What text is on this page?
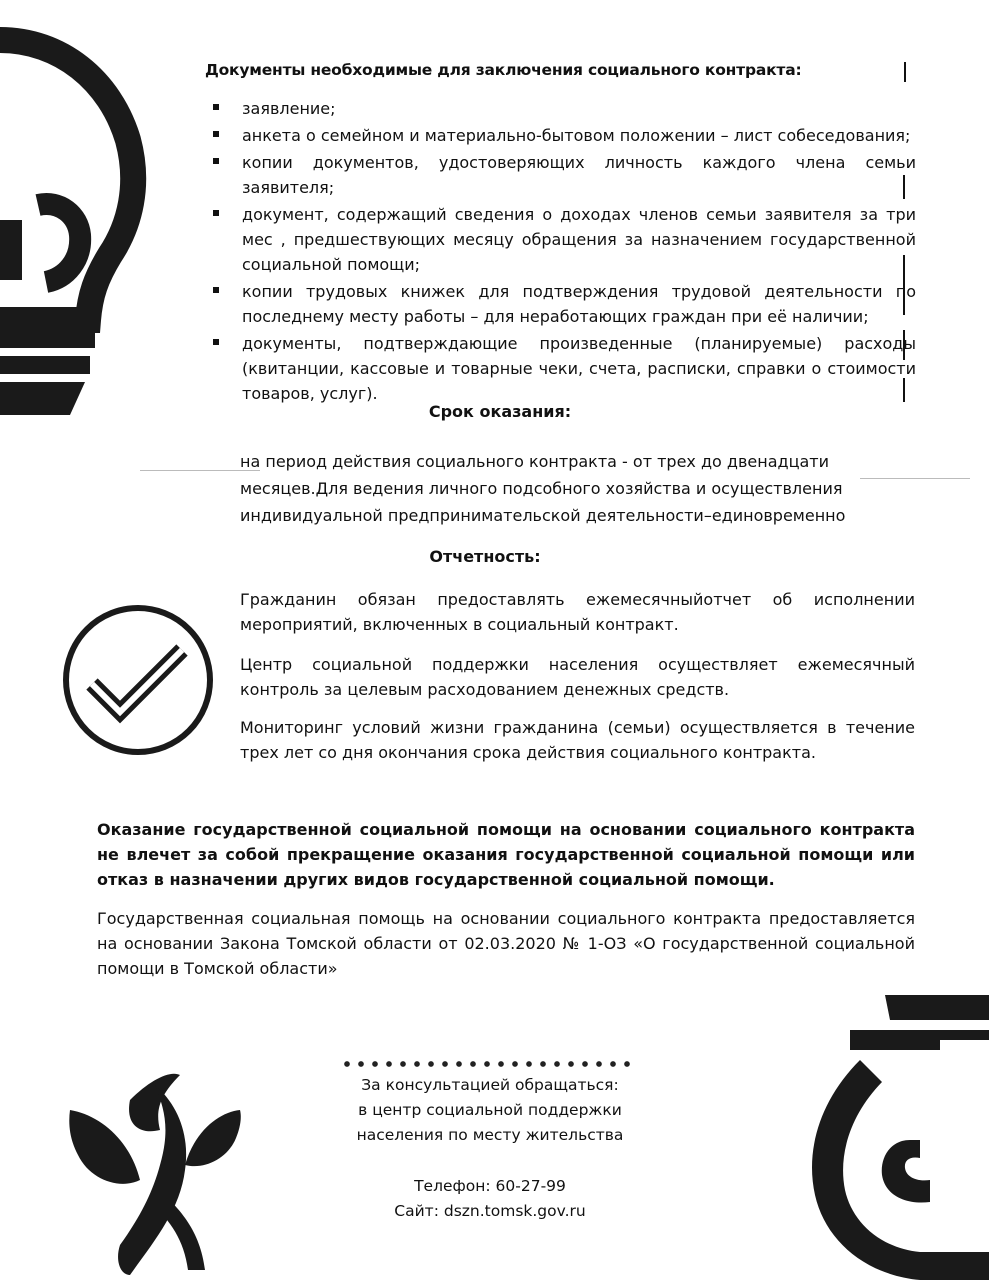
Документы необходимые для заключения социального контракта:
заявление;
анкета о семейном и материально-бытовом положении – лист собеседования;
копии документов, удостоверяющих личность каждого члена семьи заявителя;
документ, содержащий сведения о доходах членов семьи заявителя за три мес , предшествующих месяцу обращения за назначением государственной социальной помощи;
копии трудовых книжек для подтверждения трудовой деятельности по последнему месту работы – для неработающих граждан при её наличии;
документы, подтверждающие произведенные (планируемые) расходы (квитанции, кассовые и товарные чеки, счета, расписки, справки о стоимости товаров, услуг).
Срок оказания:

на период действия социального контракта - от трех до двенадцати месяцев.Для ведения личного подсобного хозяйства и осуществления индивидуальной предпринимательской деятельности–единовременно

Отчетность:

Гражданин обязан предоставлять ежемесячныйотчет об исполнении мероприятий, включенных в социальный контракт.

Центр социальной поддержки населения осуществляет ежемесячный контроль за целевым расходованием денежных средств.

Мониторинг условий жизни гражданина (семьи) осуществляется в течение трех лет со дня окончания срока действия социального контракта.

Оказание государственной социальной помощи на основании социального контракта не влечет за собой прекращение оказания государственной социальной помощи или отказ в назначении других видов государственной социальной помощи.

Государственная социальная помощь на основании социального контракта предоставляется на основании Закона Томской области от 02.03.2020 № 1-ОЗ «О государственной социальной помощи в Томской области»

За консультацией обращаться:
в центр социальной поддержки
населения по месту жительства
Телефон: 60-27-99
Сайт: dszn.tomsk.gov.ru
